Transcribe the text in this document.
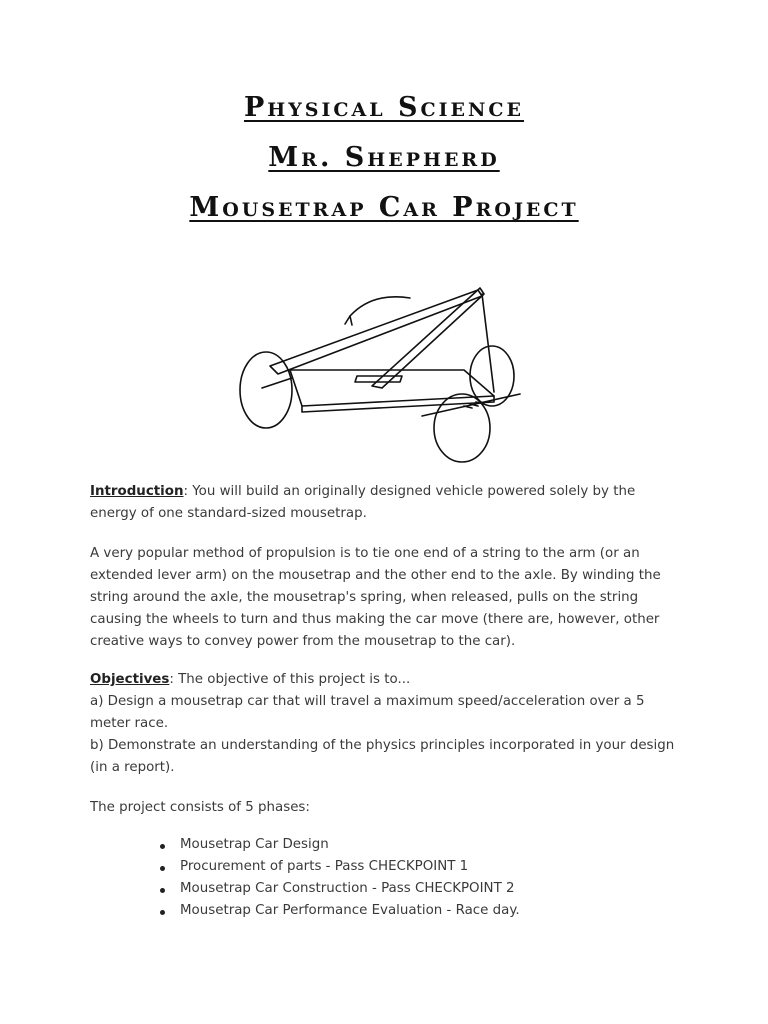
Physical Science
Mr. Shepherd
Mousetrap Car Project
Introduction: You will build an originally designed vehicle powered solely by the energy of one standard-sized mousetrap.
A very popular method of propulsion is to tie one end of a string to the arm (or an extended lever arm) on the mousetrap and the other end to the axle. By winding the string around the axle, the mousetrap's spring, when released, pulls on the string causing the wheels to turn and thus making the car move (there are, however, other creative ways to convey power from the mousetrap to the car).
Objectives: The objective of this project is to...
a) Design a mousetrap car that will travel a maximum speed/acceleration over a 5 meter race.
b) Demonstrate an understanding of the physics principles incorporated in your design (in a report).
The project consists of 5 phases:
Mousetrap Car Design
Procurement of parts - Pass CHECKPOINT 1
Mousetrap Car Construction - Pass CHECKPOINT 2
Mousetrap Car Performance Evaluation - Race day.
